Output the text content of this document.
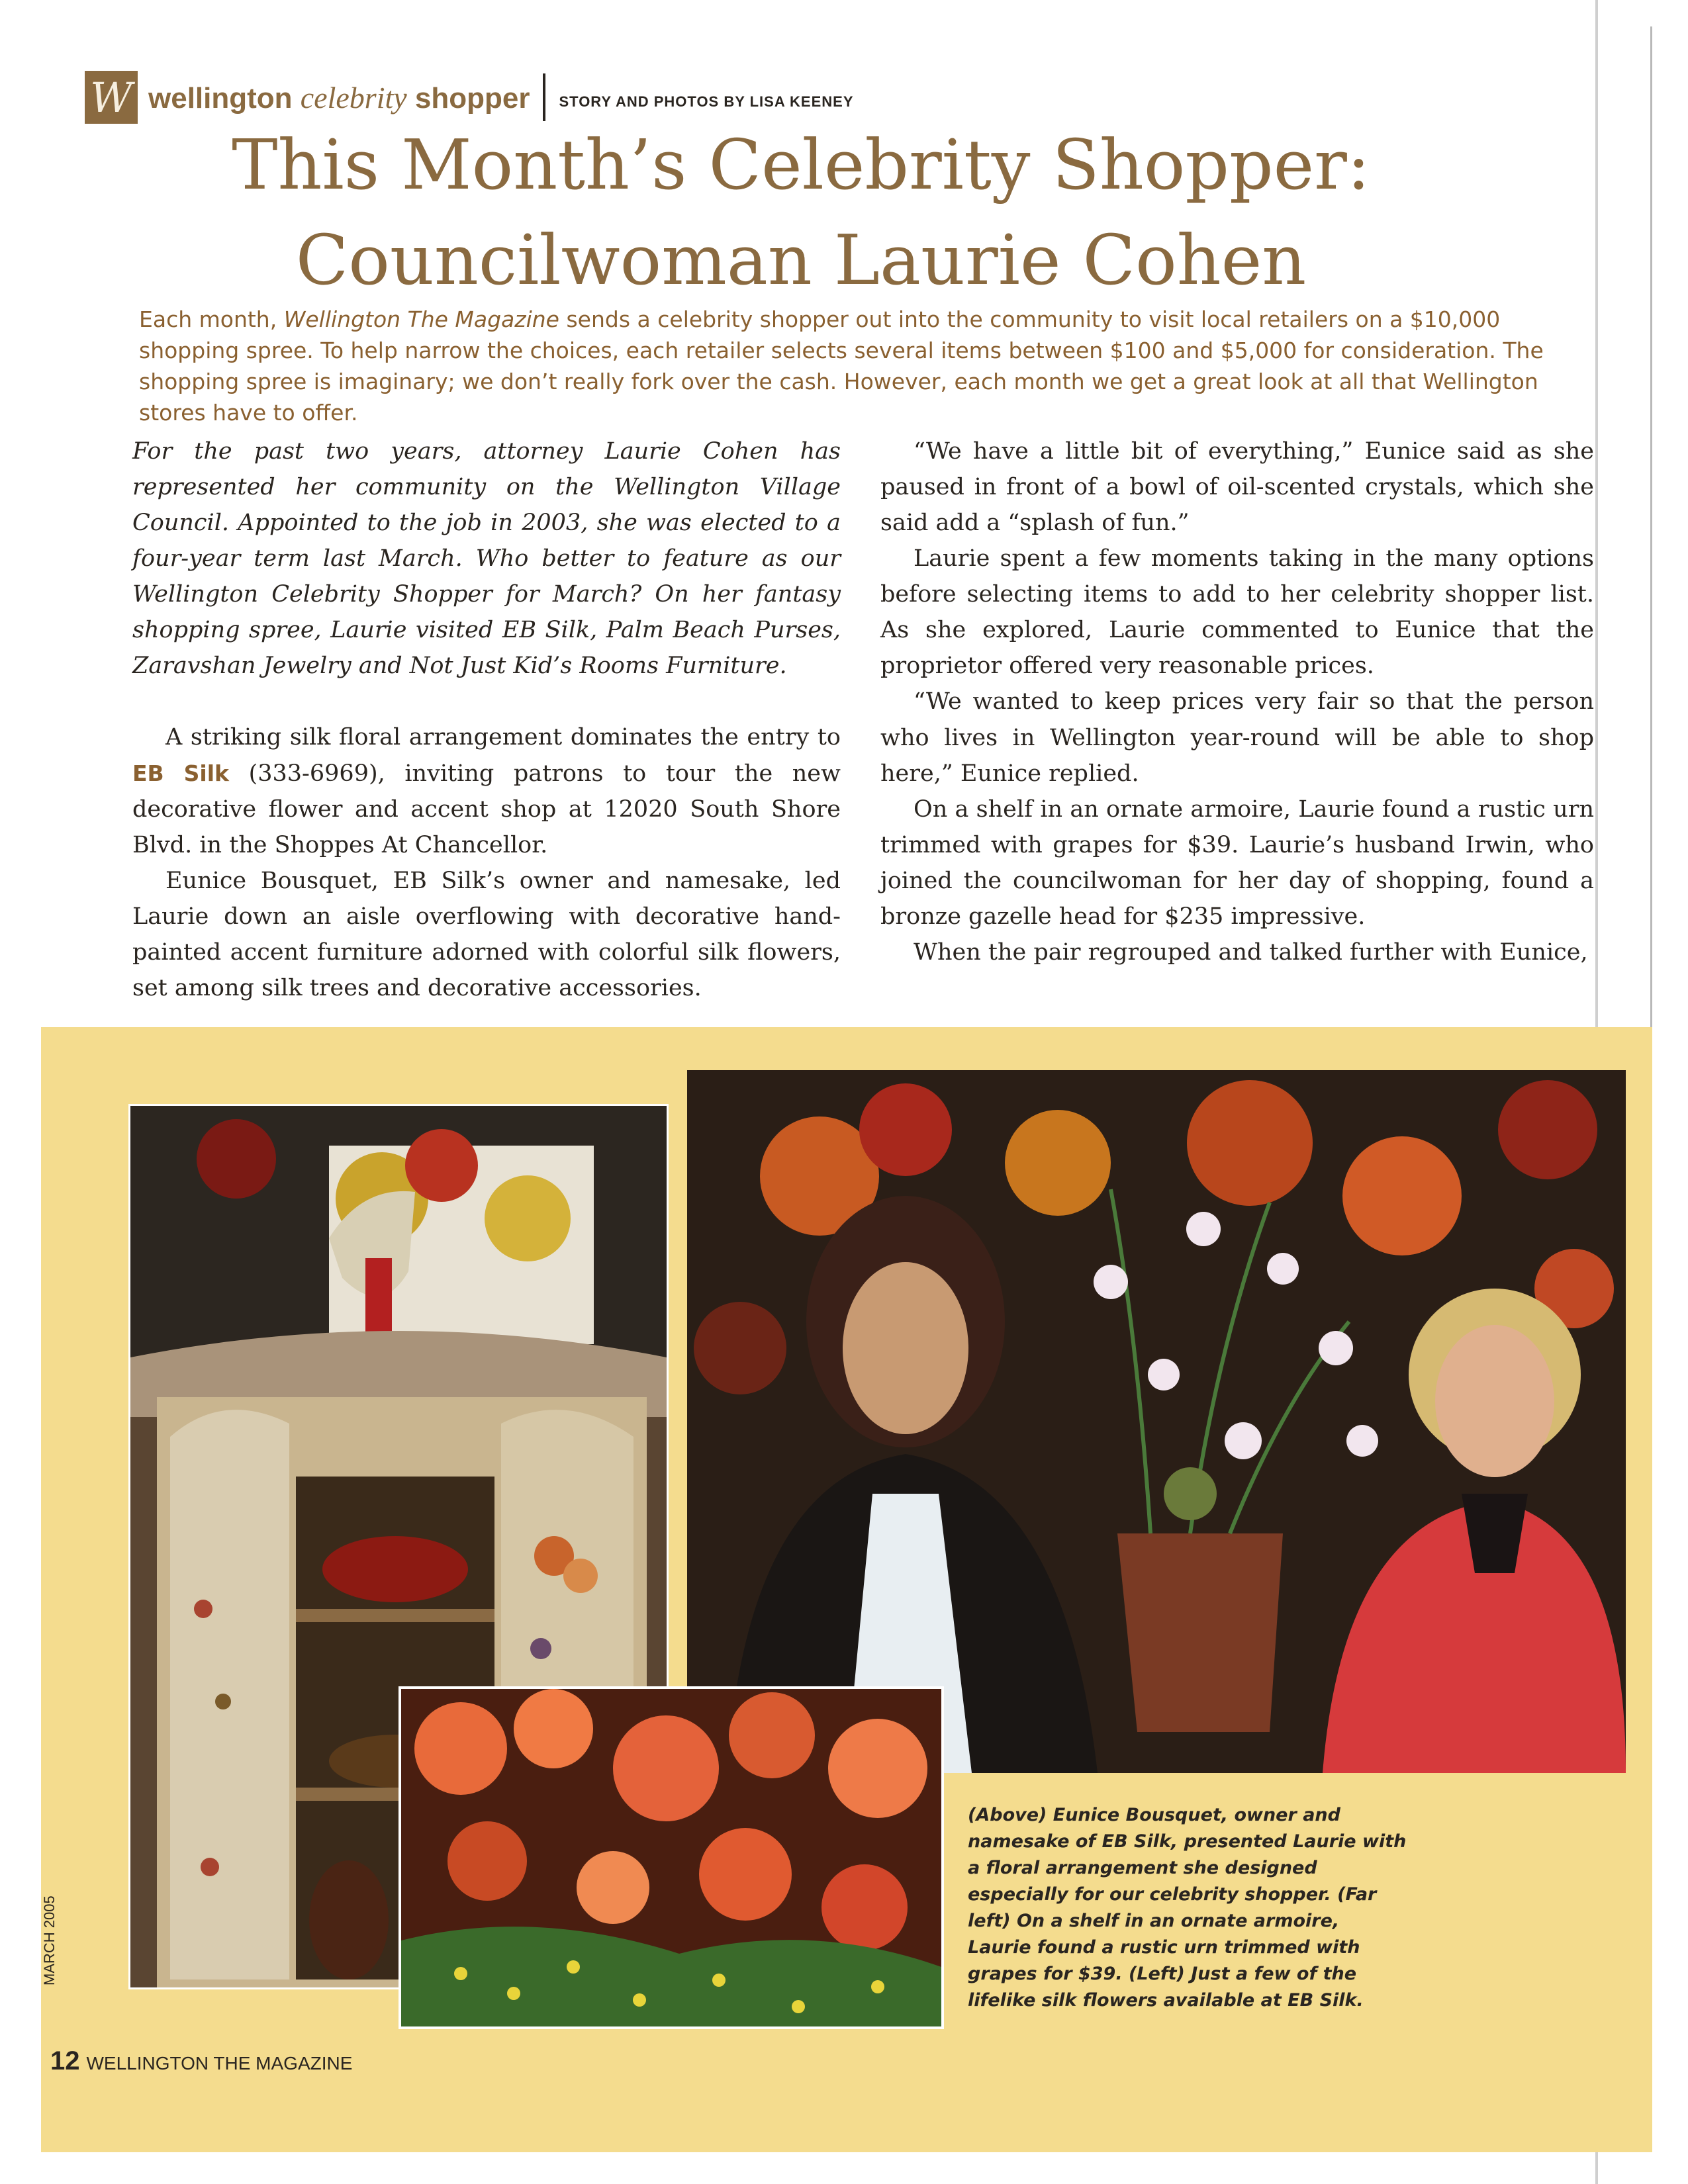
W wellington celebrity shopper STORY AND PHOTOS BY LISA KEENEY
This Month’s Celebrity Shopper:
Councilwoman Laurie Cohen

Each month, Wellington The Magazine sends a celebrity shopper out into the community to visit local retailers on a $10,000 shopping spree. To help narrow the choices, each retailer selects several items between $100 and $5,000 for consideration. The shopping spree is imaginary; we don’t really fork over the cash. However, each month we get a great look at all that Wellington stores have to offer.

For the past two years, attorney Laurie Cohen has represented her community on the Wellington Village Council. Appointed to the job in 2003, she was elected to a four-year term last March. Who better to feature as our Wellington Celebrity Shopper for March? On her fantasy shopping spree, Laurie visited EB Silk, Palm Beach Purses, Zaravshan Jewelry and Not Just Kid’s Rooms Furniture.

A striking silk floral arrangement dominates the entry to EB Silk (333-6969), inviting patrons to tour the new decorative flower and accent shop at 12020 South Shore Blvd. in the Shoppes At Chancellor.

Eunice Bousquet, EB Silk’s owner and namesake, led Laurie down an aisle overflowing with decorative hand-painted accent furniture adorned with colorful silk flowers, set among silk trees and decorative accessories.

“We have a little bit of everything,” Eunice said as she paused in front of a bowl of oil-scented crystals, which she said add a “splash of fun.”

Laurie spent a few moments taking in the many options before selecting items to add to her celebrity shopper list. As she explored, Laurie commented to Eunice that the proprietor offered very reasonable prices.

“We wanted to keep prices very fair so that the person who lives in Wellington year-round will be able to shop here,” Eunice replied.

On a shelf in an ornate armoire, Laurie found a rustic urn trimmed with grapes for $39. Laurie’s husband Irwin, who joined the councilwoman for her day of shopping, found a bronze gazelle head for $235 impressive.

When the pair regrouped and talked further with Eunice,

(Above) Eunice Bousquet, owner and namesake of EB Silk, presented Laurie with a floral arrangement she designed especially for our celebrity shopper. (Far left) On a shelf in an ornate armoire, Laurie found a rustic urn trimmed with grapes for $39. (Left) Just a few of the lifelike silk flowers available at EB Silk.

MARCH 2005
12 WELLINGTON THE MAGAZINE
